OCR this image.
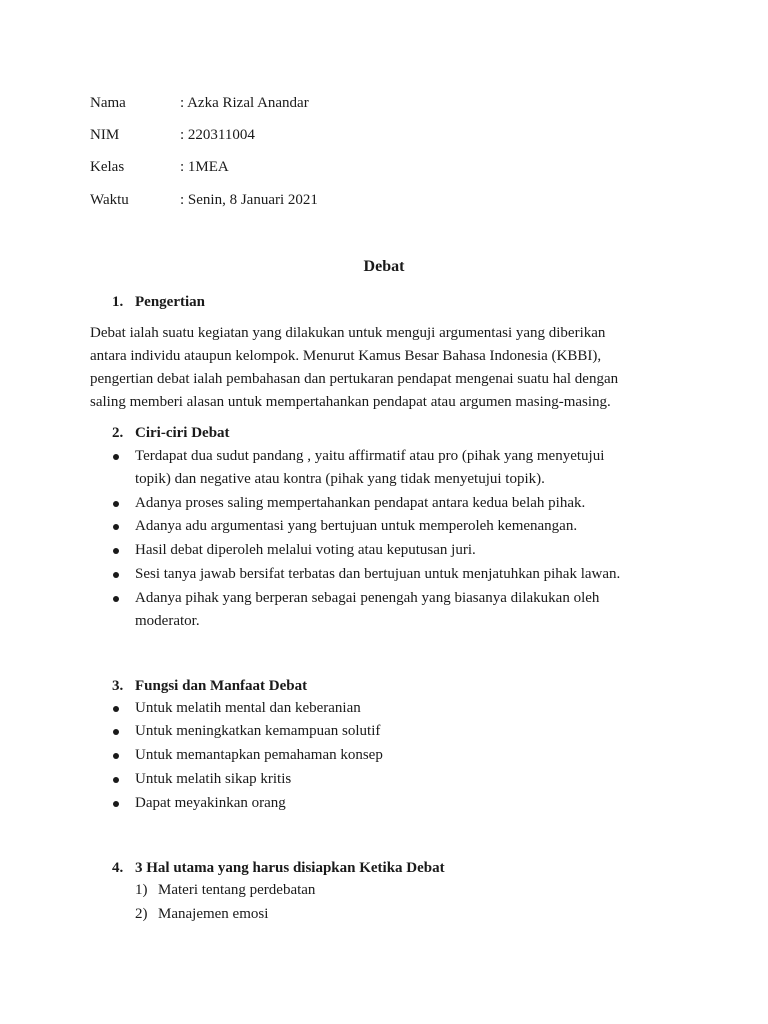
Nama	: Azka Rizal Anandar
NIM	: 220311004
Kelas	: 1MEA
Waktu	: Senin, 8 Januari 2021
Debat
1. Pengertian
Debat ialah suatu kegiatan yang dilakukan untuk menguji argumentasi yang diberikan
antara individu ataupun kelompok. Menurut Kamus Besar Bahasa Indonesia (KBBI),
pengertian debat ialah pembahasan dan pertukaran pendapat mengenai suatu hal dengan
saling memberi alasan untuk mempertahankan pendapat atau argumen masing-masing.
2. Ciri-ciri Debat
Terdapat dua sudut pandang , yaitu affirmatif atau pro (pihak yang menyetujui
topik) dan negative atau kontra (pihak yang tidak menyetujui topik).
Adanya proses saling mempertahankan pendapat antara kedua belah pihak.
Adanya adu argumentasi yang bertujuan untuk memperoleh kemenangan.
Hasil debat diperoleh melalui voting atau keputusan juri.
Sesi tanya jawab bersifat terbatas dan bertujuan untuk menjatuhkan pihak lawan.
Adanya pihak yang berperan sebagai penengah yang biasanya dilakukan oleh
moderator.
3. Fungsi dan Manfaat Debat
Untuk melatih mental dan keberanian
Untuk meningkatkan kemampuan solutif
Untuk memantapkan pemahaman konsep
Untuk melatih sikap kritis
Dapat meyakinkan orang
4. 3 Hal utama yang harus disiapkan Ketika Debat
1) Materi tentang perdebatan
2) Manajemen emosi
